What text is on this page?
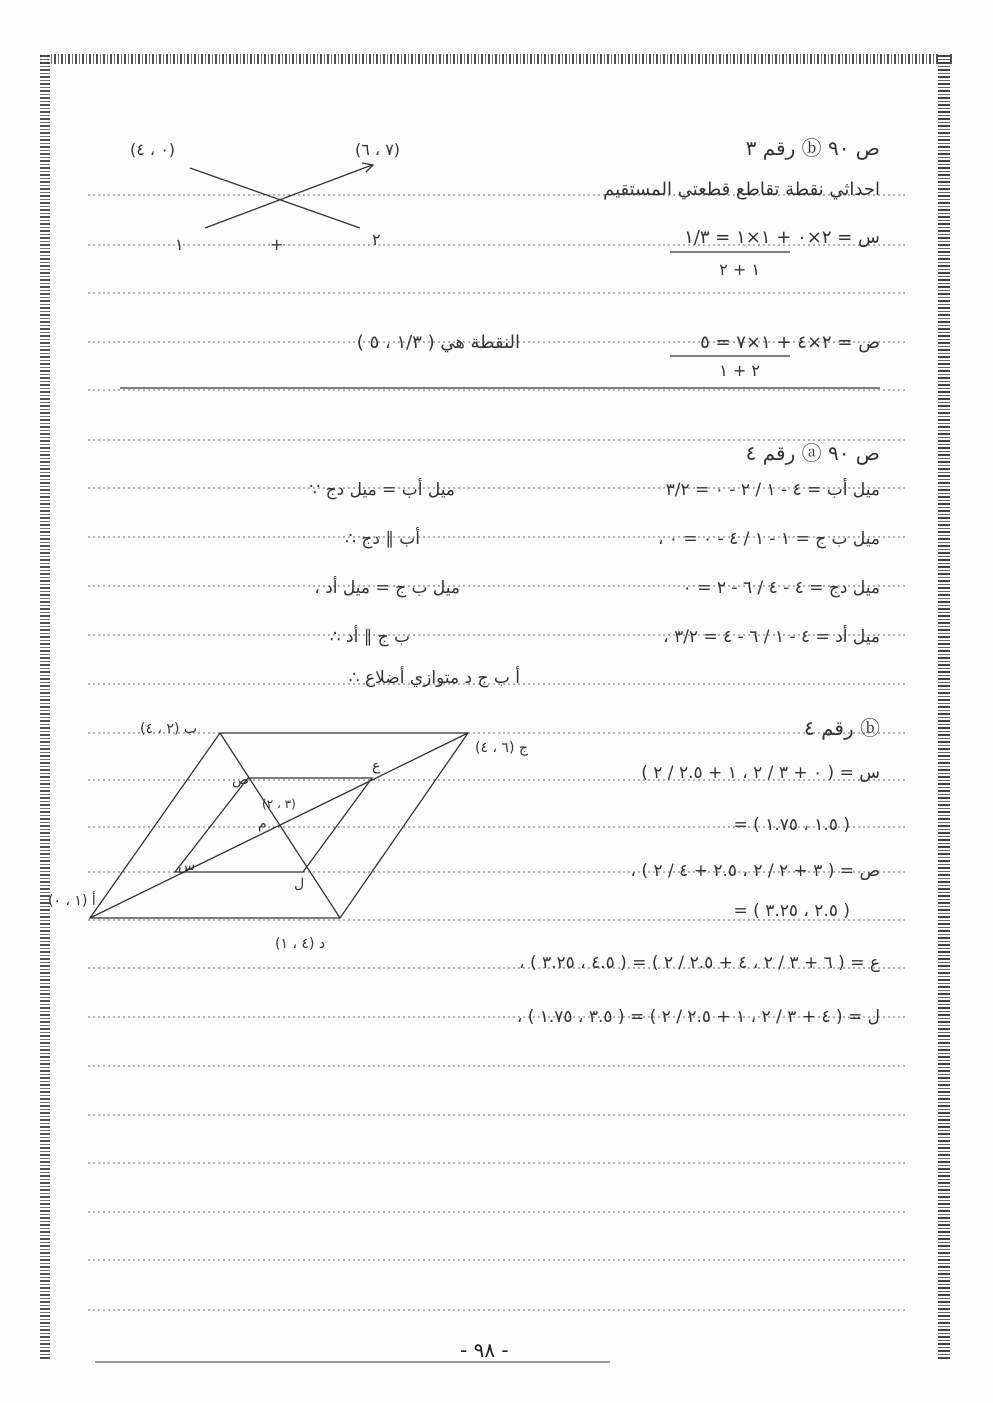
رقم ٣ ⓑ ص ٩٠
(٠ ، ٤)	(٧ ، ٦)
احداثي نقطة تقاطع قطعتي المستقيم
١	+	٢	س = ٢×٠ + ١×١ = ١/٣
١ + ٢
ص = ٢×٤ + ١×٧ = ٥
٢ + ١
النقطة هي ( ١/٣ ، ٥ )
رقم ٤ ⓐ ص ٩٠
ميل أب = ٤ - ١ / ٢ - ٠ = ٣/٢
∵ ميل أب = ميل دج
، ميل ب ج = ١ - ١ / ٤ - ٠ = ٠
∴ أب ∥ دج
ميل دج = ٤ - ٤ / ٦ - ٢ = ٠
، ميل ب ج = ميل أد
، ميل أد = ٤ - ١ / ٦ - ٤ = ٣/٢
∴ ب ج ∥ أد
∴ أ ب ج د متوازي أضلاع
رقم ٤ ⓑ
ب (٢ ، ٤)
ج (٦ ، ٤)
أ (١ ، ٠)
د (٤ ، ١)
س
ص
ع
ل
م
(٣ ، ٢)
س = ( ٠ + ٣ / ٢ ، ١ + ٢.٥ / ٢ )
= ( ١.٥ ، ١.٧٥ )
، ص = ( ٣ + ٢ / ٢ ، ٢.٥ + ٤ / ٢ )
= ( ٢.٥ ، ٣.٢٥ )
، ع = ( ٦ + ٣ / ٢ ، ٤ + ٢.٥ / ٢ ) = ( ٤.٥ ، ٣.٢٥ )
، ل = ( ٤ + ٣ / ٢ ، ١ + ٢.٥ / ٢ ) = ( ٣.٥ ، ١.٧٥ )
- ٩٨ -
